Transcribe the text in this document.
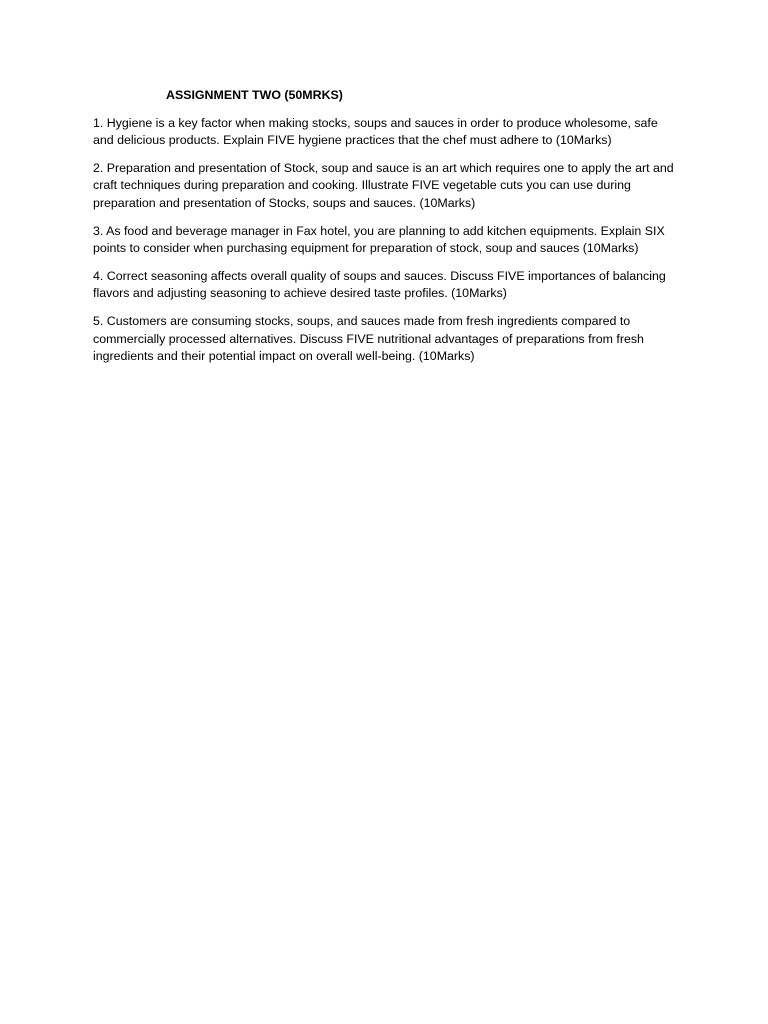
ASSIGNMENT TWO (50MRKS)

1. Hygiene is a key factor when making stocks, soups and sauces in order to produce wholesome, safe and delicious products. Explain FIVE hygiene practices that the chef must adhere to (10Marks)

2. Preparation and presentation of Stock, soup and sauce is an art which requires one to apply the art and craft techniques during preparation and cooking. Illustrate FIVE vegetable cuts you can use during preparation and presentation of Stocks, soups and sauces. (10Marks)

3. As food and beverage manager in Fax hotel, you are planning to add kitchen equipments. Explain SIX points to consider when purchasing equipment for preparation of stock, soup and sauces (10Marks)

4. Correct seasoning affects overall quality of soups and sauces. Discuss FIVE importances of balancing flavors and adjusting seasoning to achieve desired taste profiles. (10Marks)

5. Customers are consuming stocks, soups, and sauces made from fresh ingredients compared to commercially processed alternatives. Discuss FIVE nutritional advantages of preparations from fresh ingredients and their potential impact on overall well-being. (10Marks)
